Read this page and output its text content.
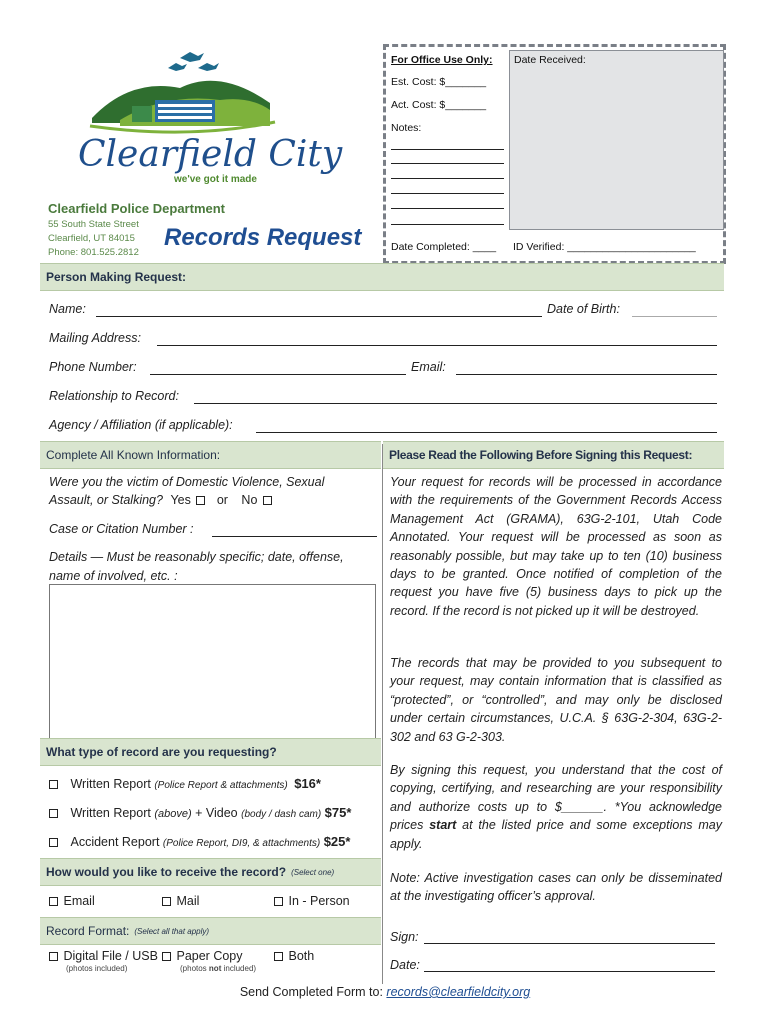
Clearfield City
we've got it made
Clearfield Police Department
55 South State Street
Clearfield, UT 84015
Phone: 801.525.2812
Records Request
For Office Use Only: Date Received:
Est. Cost: $_______
Act. Cost: $_______
Notes:
Date Completed: ____ ID Verified: ______________________
Person Making Request:
Name:	Date of Birth:
Mailing Address:
Phone Number:	Email:
Relationship to Record:
Agency / Affiliation (if applicable):
Complete All Known Information:	Please Read the Following Before Signing this Request:
Were you the victim of Domestic Violence, Sexual
Assault, or Stalking? Yes or No
Case or Citation Number :
Details — Must be reasonably specific; date, offense,
name of involved, etc. :
What type of record are you requesting?
Written Report (Police Report & attachments) $16*
Written Report (above) + Video (body / dash cam) $75*
Accident Report (Police Report, DI9, & attachments) $25*
How would you like to receive the record? (Select one)
Email	Mail	In - Person
Record Format: (Select all that apply)
Digital File / USB
(photos included)
Paper Copy
(photos not included)
Both
Your request for records will be processed in accordance with the requirements of the Government Records Access Management Act (GRAMA), 63G-2-101, Utah Code Annotated. Your request will be processed as soon as reasonably possible, but may take up to ten (10) business days to be granted. Once notified of completion of the request you have five (5) business days to pick up the record. If the record is not picked up it will be destroyed.
The records that may be provided to you subsequent to your request, may contain information that is classified as “protected”, or “controlled”, and may only be disclosed under certain circumstances, U.C.A. § 63G-2-304, 63G-2-302 and 63 G-2-303.
By signing this request, you understand that the cost of copying, certifying, and researching are your responsibility and authorize costs up to $______. *You acknowledge prices start at the listed price and some exceptions may apply.
Note: Active investigation cases can only be disseminated at the investigating officer’s approval.
Sign:
Date:
Send Completed Form to: records@clearfieldcity.org
